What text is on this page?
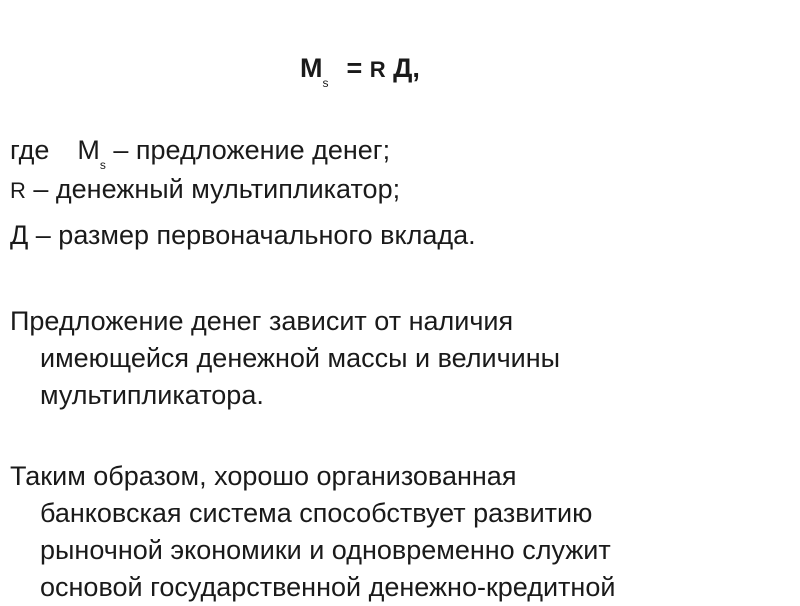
$М_s = R$ Д,
где $М_s$ – предложение денег;
R – денежный мультипликатор;
Д – размер первоначального вклада.
Предложение денег зависит от наличия
имеющейся денежной массы и величины
мультипликатора.
Таким образом, хорошо организованная
банковская система способствует развитию
рыночной экономики и одновременно служит
основой государственной денежно-кредитной
